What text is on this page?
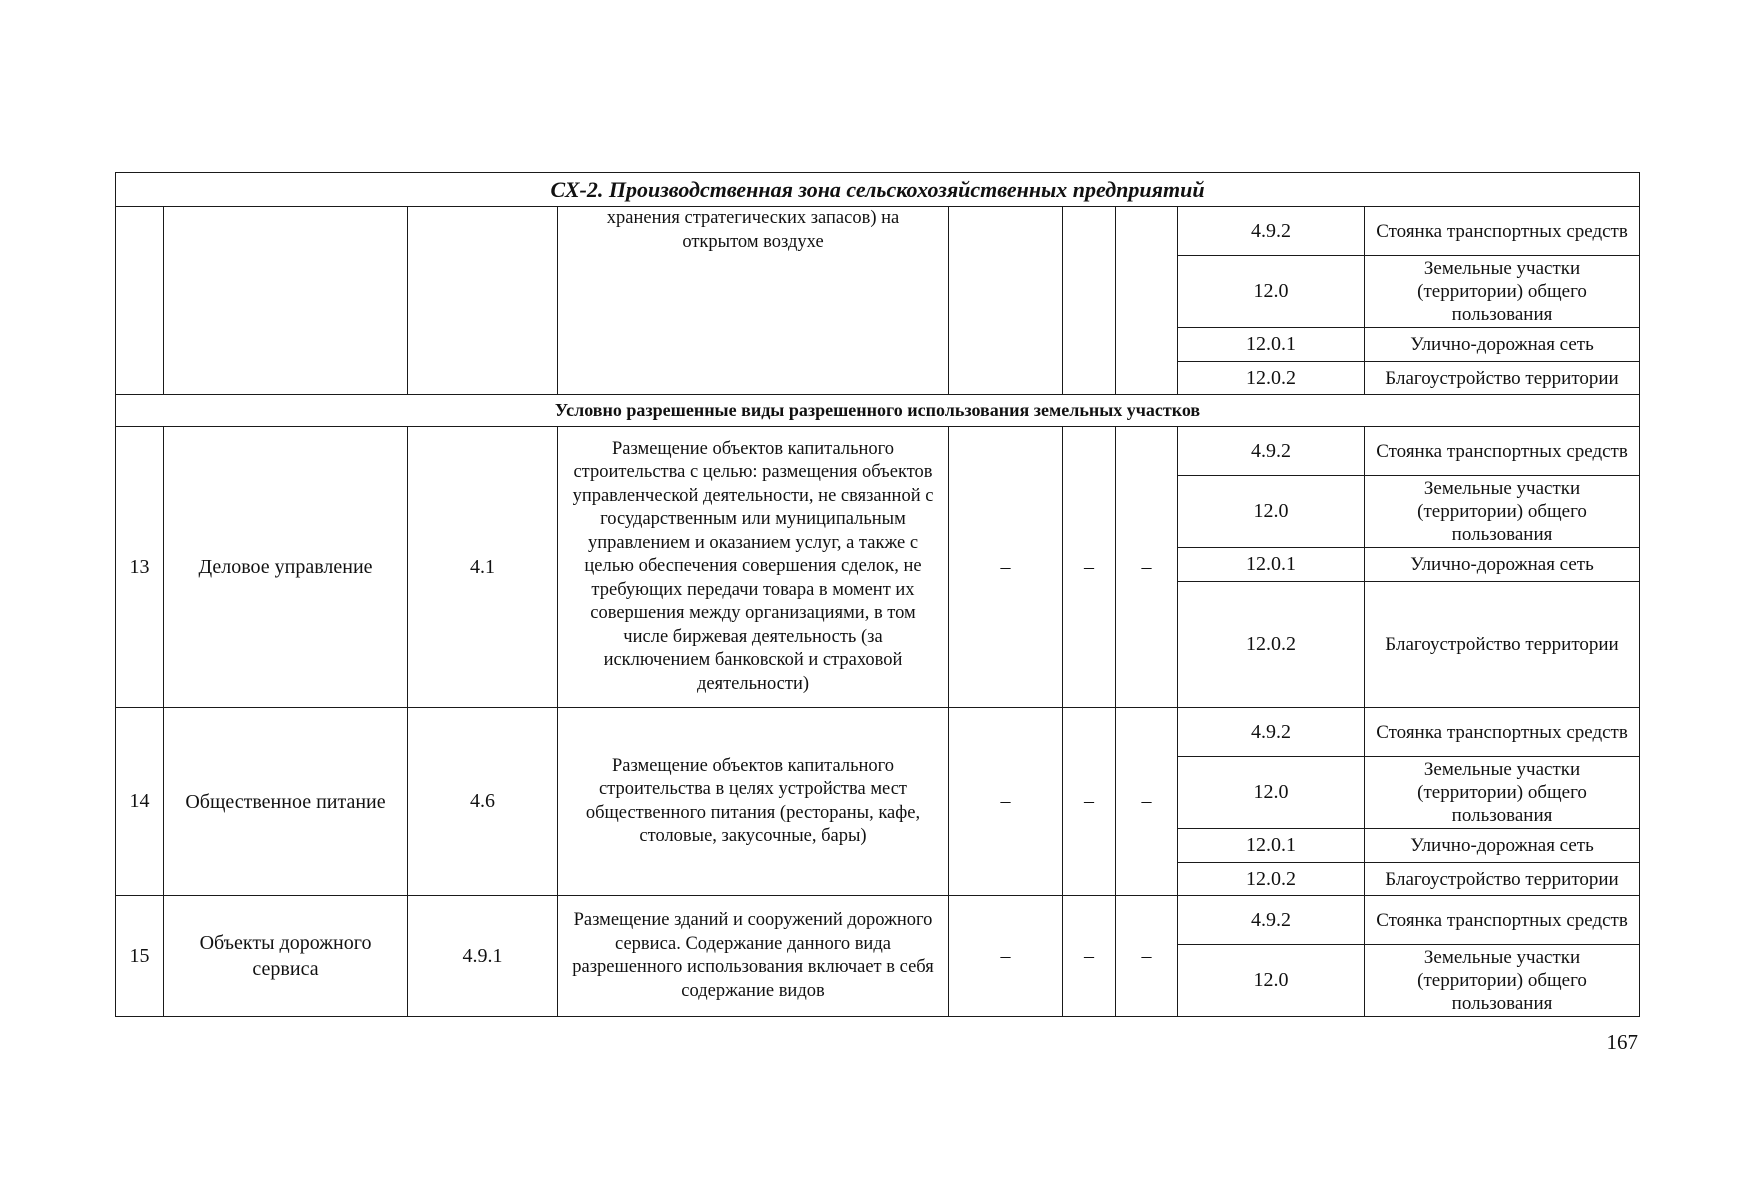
СХ-2. Производственная зона сельскохозяйственных предприятий								
			хранения стратегических запасов) на открытом воздухе				4.9.2	Стоянка транспортных средств
							12.0	Земельные участки (территории) общего пользования
							12.0.1	Улично-дорожная сеть
							12.0.2	Благоустройство территории
Условно разрешенные виды разрешенного использования земельных участков								
13	Деловое управление	4.1	Размещение объектов капитального строительства с целью: размещения объектов управленческой деятельности, не связанной с государственным или муниципальным управлением и оказанием услуг, а также с целью обеспечения совершения сделок, не требующих передачи товара в момент их совершения между организациями, в том числе биржевая деятельность (за исключением банковской и страховой деятельности)	–	–	–	4.9.2	Стоянка транспортных средств
							12.0	Земельные участки (территории) общего пользования
							12.0.1	Улично-дорожная сеть
							12.0.2	Благоустройство территории
14	Общественное питание	4.6	Размещение объектов капитального строительства в целях устройства мест общественного питания (рестораны, кафе, столовые, закусочные, бары)	–	–	–	4.9.2	Стоянка транспортных средств
							12.0	Земельные участки (территории) общего пользования
							12.0.1	Улично-дорожная сеть
							12.0.2	Благоустройство территории
15	Объекты дорожного сервиса	4.9.1	Размещение зданий и сооружений дорожного сервиса. Содержание данного вида разрешенного использования включает в себя содержание видов	–	–	–	4.9.2	Стоянка транспортных средств
							12.0	Земельные участки (территории) общего пользования
167
